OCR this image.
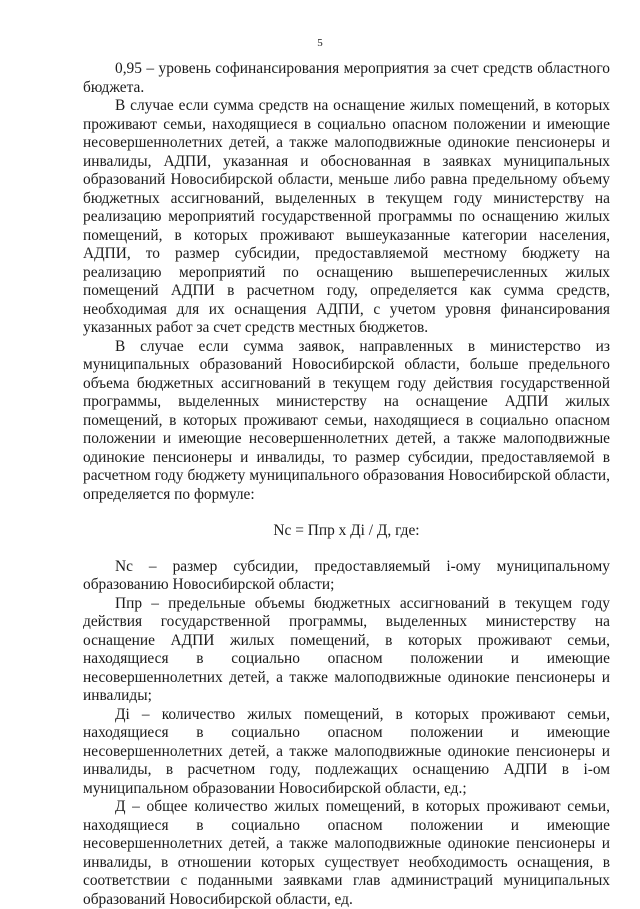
5

0,95 – уровень софинансирования мероприятия за счет средств областного бюджета.

В случае если сумма средств на оснащение жилых помещений, в которых проживают семьи, находящиеся в социально опасном положении и имеющие несовершеннолетних детей, а также малоподвижные одинокие пенсионеры и инвалиды, АДПИ, указанная и обоснованная в заявках муниципальных образований Новосибирской области, меньше либо равна предельному объему бюджетных ассигнований, выделенных в текущем году министерству на реализацию мероприятий государственной программы по оснащению жилых помещений, в которых проживают вышеуказанные категории населения, АДПИ, то размер субсидии, предоставляемой местному бюджету на реализацию мероприятий по оснащению вышеперечисленных жилых помещений АДПИ в расчетном году, определяется как сумма средств, необходимая для их оснащения АДПИ, с учетом уровня финансирования указанных работ за счет средств местных бюджетов.

В случае если сумма заявок, направленных в министерство из муниципальных образований Новосибирской области, больше предельного объема бюджетных ассигнований в текущем году действия государственной программы, выделенных министерству на оснащение АДПИ жилых помещений, в которых проживают семьи, находящиеся в социально опасном положении и имеющие несовершеннолетних детей, а также малоподвижные одинокие пенсионеры и инвалиды, то размер субсидии, предоставляемой в расчетном году бюджету муниципального образования Новосибирской области, определяется по формуле:

Nc = Ппр x Дi / Д, где:

Nc – размер субсидии, предоставляемый i-ому муниципальному образованию Новосибирской области;

Ппр – предельные объемы бюджетных ассигнований в текущем году действия государственной программы, выделенных министерству на оснащение АДПИ жилых помещений, в которых проживают семьи, находящиеся в социально опасном положении и имеющие несовершеннолетних детей, а также малоподвижные одинокие пенсионеры и инвалиды;

Дi – количество жилых помещений, в которых проживают семьи, находящиеся в социально опасном положении и имеющие несовершеннолетних детей, а также малоподвижные одинокие пенсионеры и инвалиды, в расчетном году, подлежащих оснащению АДПИ в i-ом муниципальном образовании Новосибирской области, ед.;

Д – общее количество жилых помещений, в которых проживают семьи, находящиеся в социально опасном положении и имеющие несовершеннолетних детей, а также малоподвижные одинокие пенсионеры и инвалиды, в отношении которых существует необходимость оснащения, в соответствии с поданными заявками глав администраций муниципальных образований Новосибирской области, ед.
